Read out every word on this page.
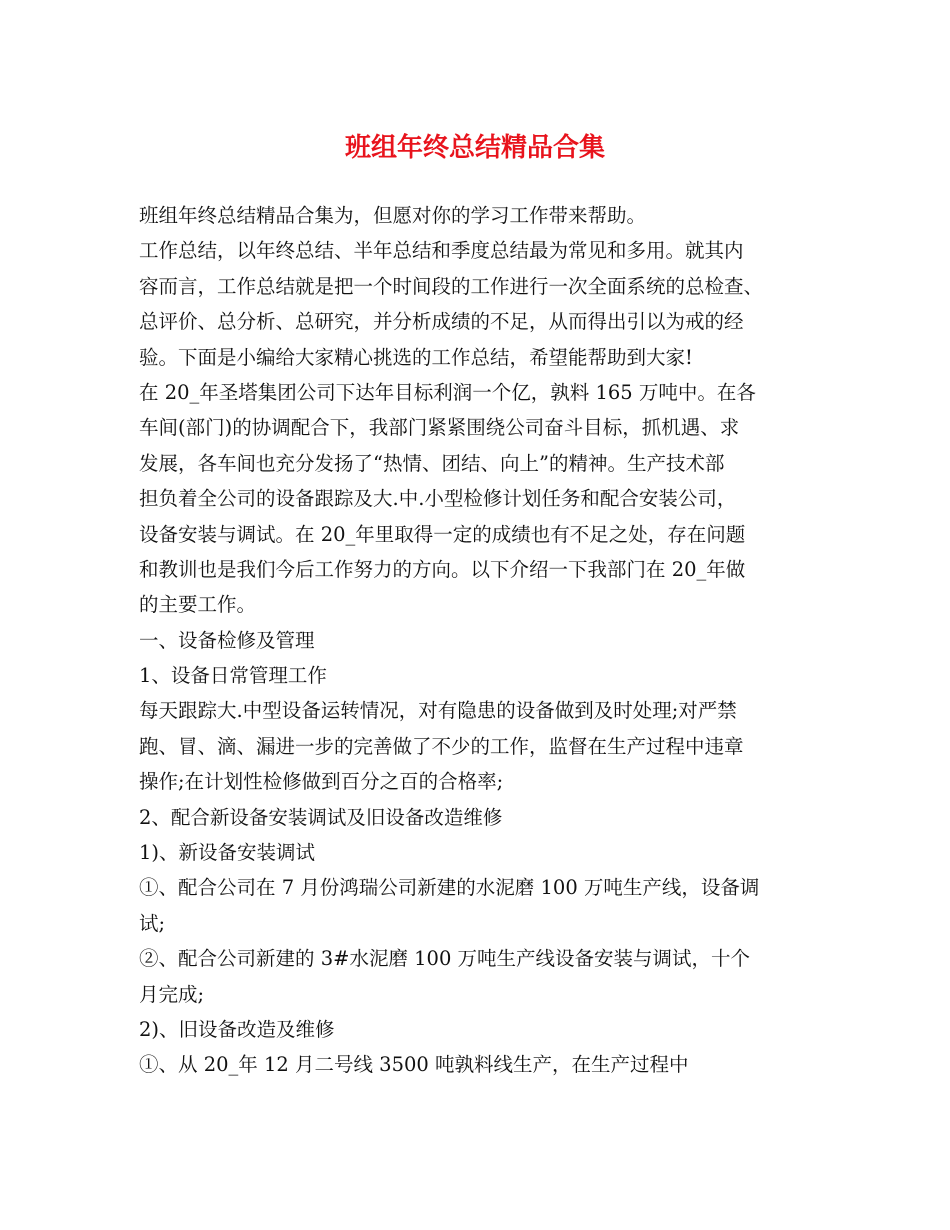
班组年终总结精品合集

班组年终总结精品合集为，但愿对你的学习工作带来帮助。

工作总结，以年终总结、半年总结和季度总结最为常见和多用。就其内

容而言，工作总结就是把一个时间段的工作进行一次全面系统的总检查、

总评价、总分析、总研究，并分析成绩的不足，从而得出引以为戒的经

验。下面是小编给大家精心挑选的工作总结，希望能帮助到大家!

在 20_年圣塔集团公司下达年目标利润一个亿，孰料 165 万吨中。在各

车间(部门)的协调配合下，我部门紧紧围绕公司奋斗目标，抓机遇、求

发展，各车间也充分发扬了“热情、团结、向上”的精神。生产技术部

担负着全公司的设备跟踪及大.中.小型检修计划任务和配合安装公司，

设备安装与调试。在 20_年里取得一定的成绩也有不足之处，存在问题

和教训也是我们今后工作努力的方向。以下介绍一下我部门在 20_年做

的主要工作。

一、设备检修及管理

1、设备日常管理工作

每天跟踪大.中型设备运转情况，对有隐患的设备做到及时处理;对严禁

跑、冒、滴、漏进一步的完善做了不少的工作，监督在生产过程中违章

操作;在计划性检修做到百分之百的合格率;

2、配合新设备安装调试及旧设备改造维修

1)、新设备安装调试

①、配合公司在 7 月份鸿瑞公司新建的水泥磨 100 万吨生产线，设备调

试;

②、配合公司新建的 3#水泥磨 100 万吨生产线设备安装与调试，十个

月完成;

2)、旧设备改造及维修

①、从 20_年 12 月二号线 3500 吨孰料线生产，在生产过程中
